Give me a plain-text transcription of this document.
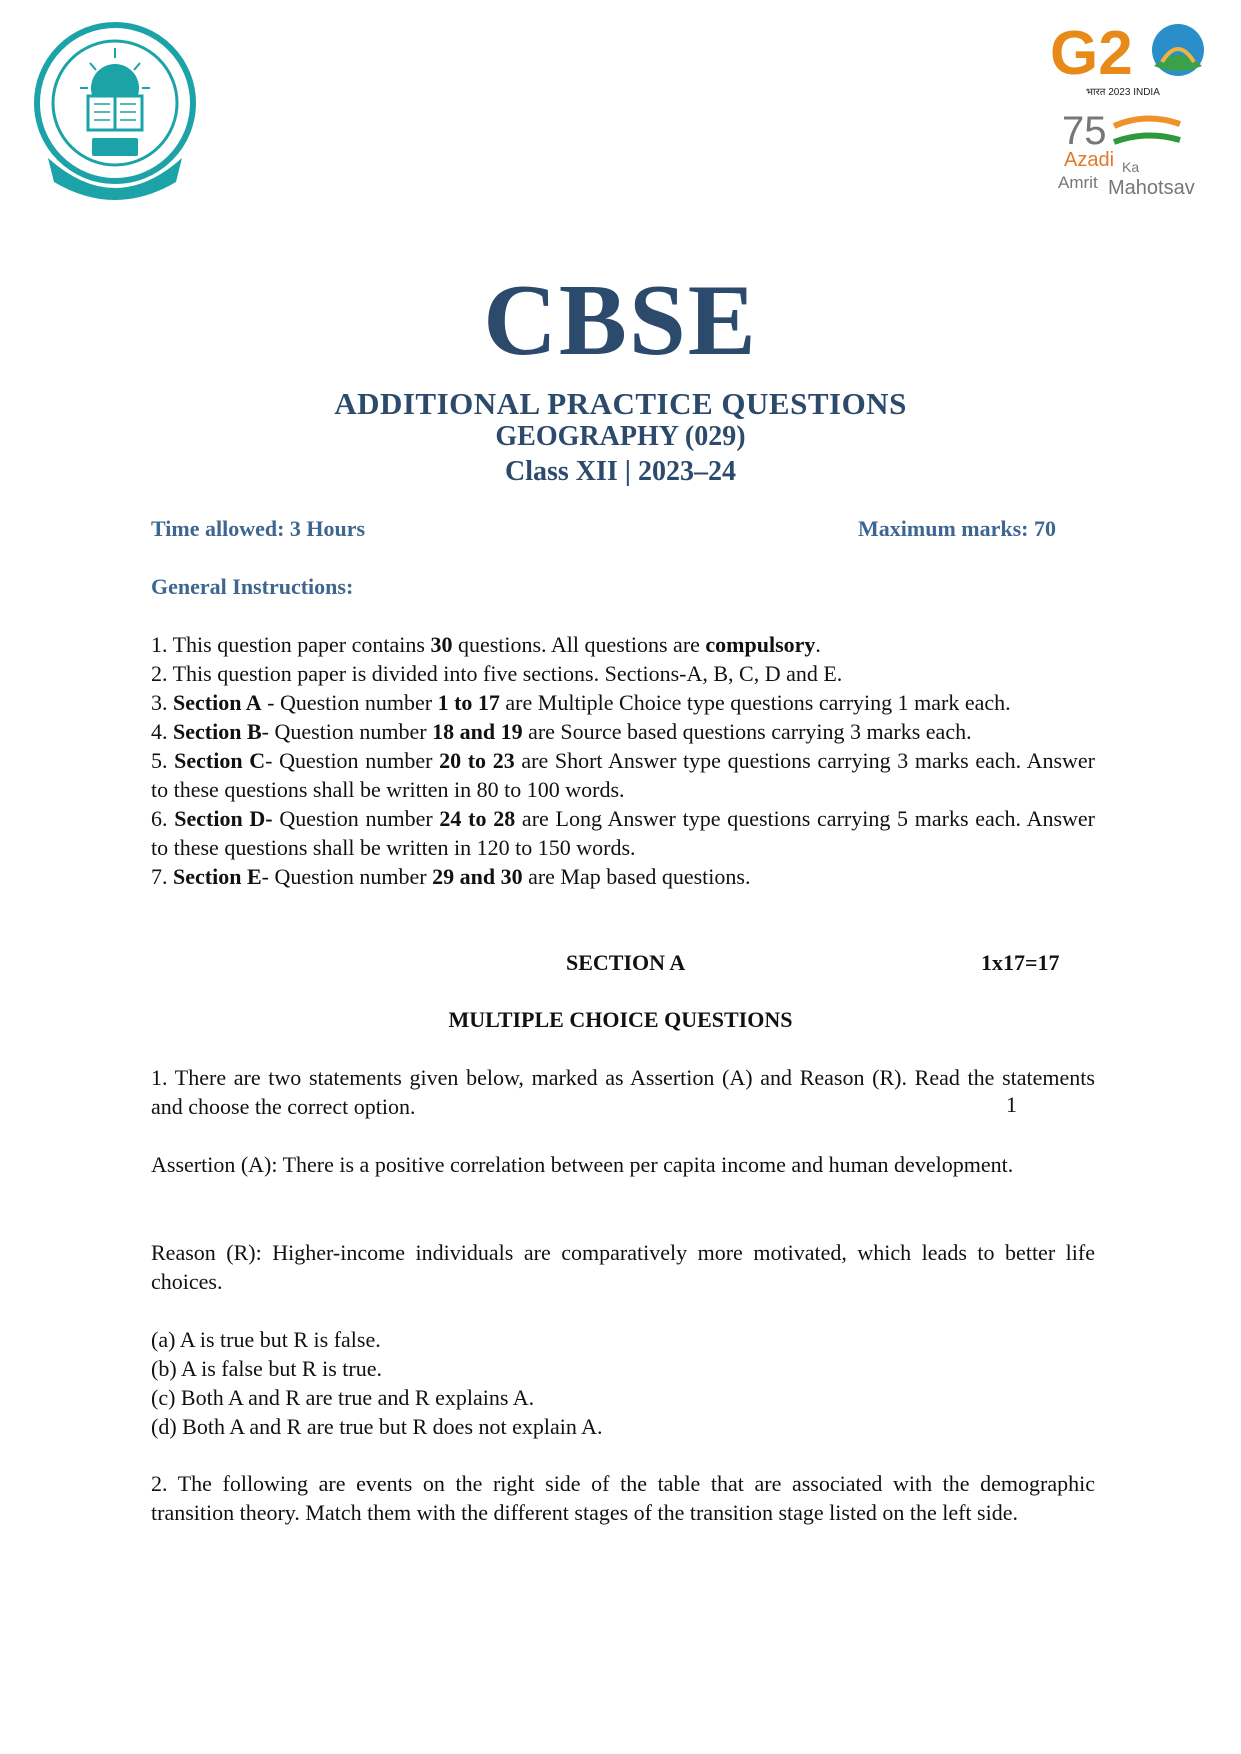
G2
भारत 2023 INDIA
75
Azadi Ka
Amrit Mahotsav
CBSE
ADDITIONAL PRACTICE QUESTIONS
GEOGRAPHY (029)
Class XII | 2023–24
Time allowed: 3 Hours	Maximum marks: 70
General Instructions:

1. This question paper contains 30 questions. All questions are compulsory.

2. This question paper is divided into five sections. Sections-A, B, C, D and E.

3. Section A - Question number 1 to 17 are Multiple Choice type questions carrying 1 mark each.

4. Section B- Question number 18 and 19 are Source based questions carrying 3 marks each.

5. Section C- Question number 20 to 23 are Short Answer type questions carrying 3 marks each. Answer to these questions shall be written in 80 to 100 words.

6. Section D- Question number 24 to 28 are Long Answer type questions carrying 5 marks each. Answer to these questions shall be written in 120 to 150 words.

7. Section E- Question number 29 and 30 are Map based questions.

SECTION A	1x17=17
MULTIPLE CHOICE QUESTIONS

1. There are two statements given below, marked as Assertion (A) and Reason (R). Read the statements and choose the correct option.	1

Assertion (A): There is a positive correlation between per capita income and human development.

Reason (R): Higher-income individuals are comparatively more motivated, which leads to better life choices.

(a) A is true but R is false.

(b) A is false but R is true.

(c) Both A and R are true and R explains A.

(d) Both A and R are true but R does not explain A.

2. The following are events on the right side of the table that are associated with the demographic transition theory. Match them with the different stages of the transition stage listed on the left side.
